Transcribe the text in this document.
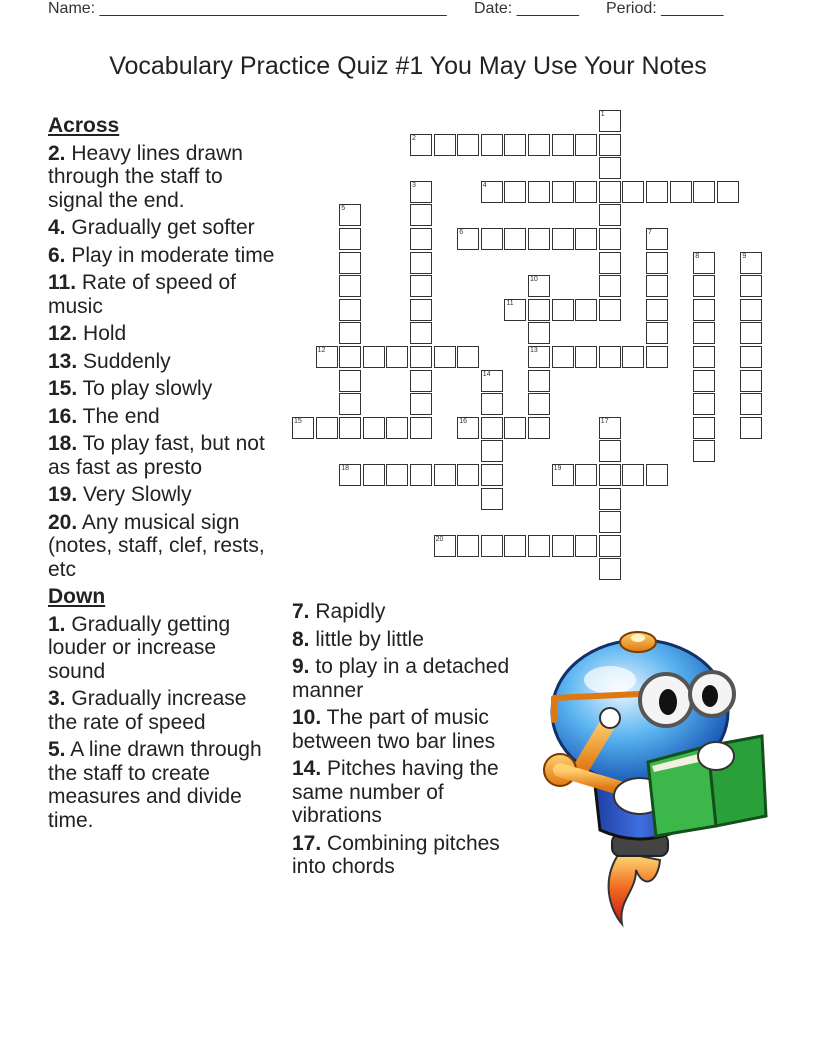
Name: _______________________________________ Date: _______ Period: _______
Vocabulary Practice Quiz #1 You May Use Your Notes
1
2
3	4
5
6	7
8	9
10
13
11
12
14
15	16	17
18	19
20
Across
2. Heavy lines drawn through the staff to signal the end.
4. Gradually get softer
6. Play in moderate time
11. Rate of speed of music
12. Hold
13. Suddenly
15. To play slowly
16. The end
18. To play fast, but not as fast as presto
19. Very Slowly
20. Any musical sign (notes, staff, clef, rests, etc
Down
1. Gradually getting louder or increase sound
3. Gradually increase the rate of speed
5. A line drawn through the staff to create measures and divide time.
7. Rapidly
8. little by little
9. to play in a detached manner
10. The part of music between two bar lines
14. Pitches having the same number of vibrations
17. Combining pitches into chords
